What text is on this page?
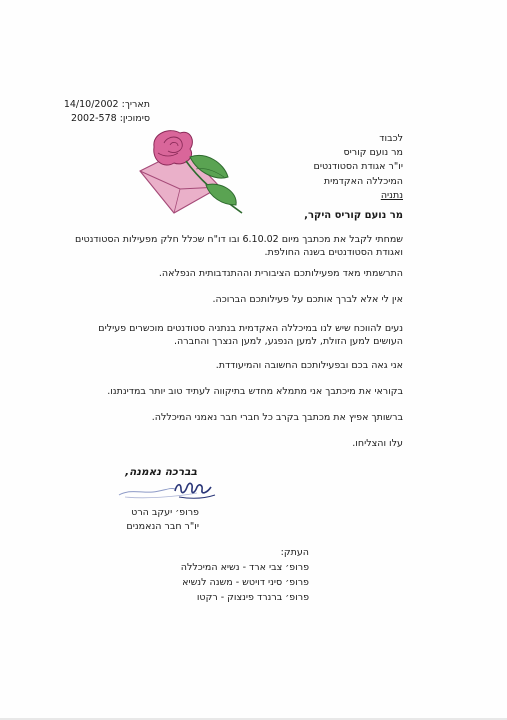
תאריך: 14/10/2002
סימוכין: 2002-578
לכבוד
מר נועם קוריס
יו"ר אגודת הסטודנטים
המיכללה האקדמית
נתניה
מר נועם קוריס היקר,
שמחתי לקבל את מכתבך מיום 6.10.02 ובו דו"ח שכלל חלק מפעילות הסטודנטים
ואגודת הסטודנטים בשנה החולפת.
התרשמתי מאד מפעילותכם הציבורית וההתנדבותית הנפלאה.
אין לי אלא לברך אותכם על פעילותכם הברוכה.
נעים להווכח שיש לנו במיכללה האקדמית בנתניה סטודנטים מוכשרים פעילים
העושים למען הזולת, למען הנפגע, למען הנצרך והחברה.
אני גאה בכם ובפעילותכם החשובה והמיעודדת.
בקוראי את מיכתבך אני מתמלא מחדש בתיקווה לעתיד טוב יותר במדינתנו.
ברשותך אפיץ את מכתבך בקרב כל חברי חבר נאמני המיכללה.
עלו והצליחו.
בברכה נאמנה,
פרופ׳ יעקב הרט
יו"ר חבר הנאמנים
העתק:
פרופ׳ צבי ארד - נשיא המיכללה
פרופ׳ סיני דויטש - משנה לנשיא
פרופ׳ ברנרד פינצוק - רקטו
